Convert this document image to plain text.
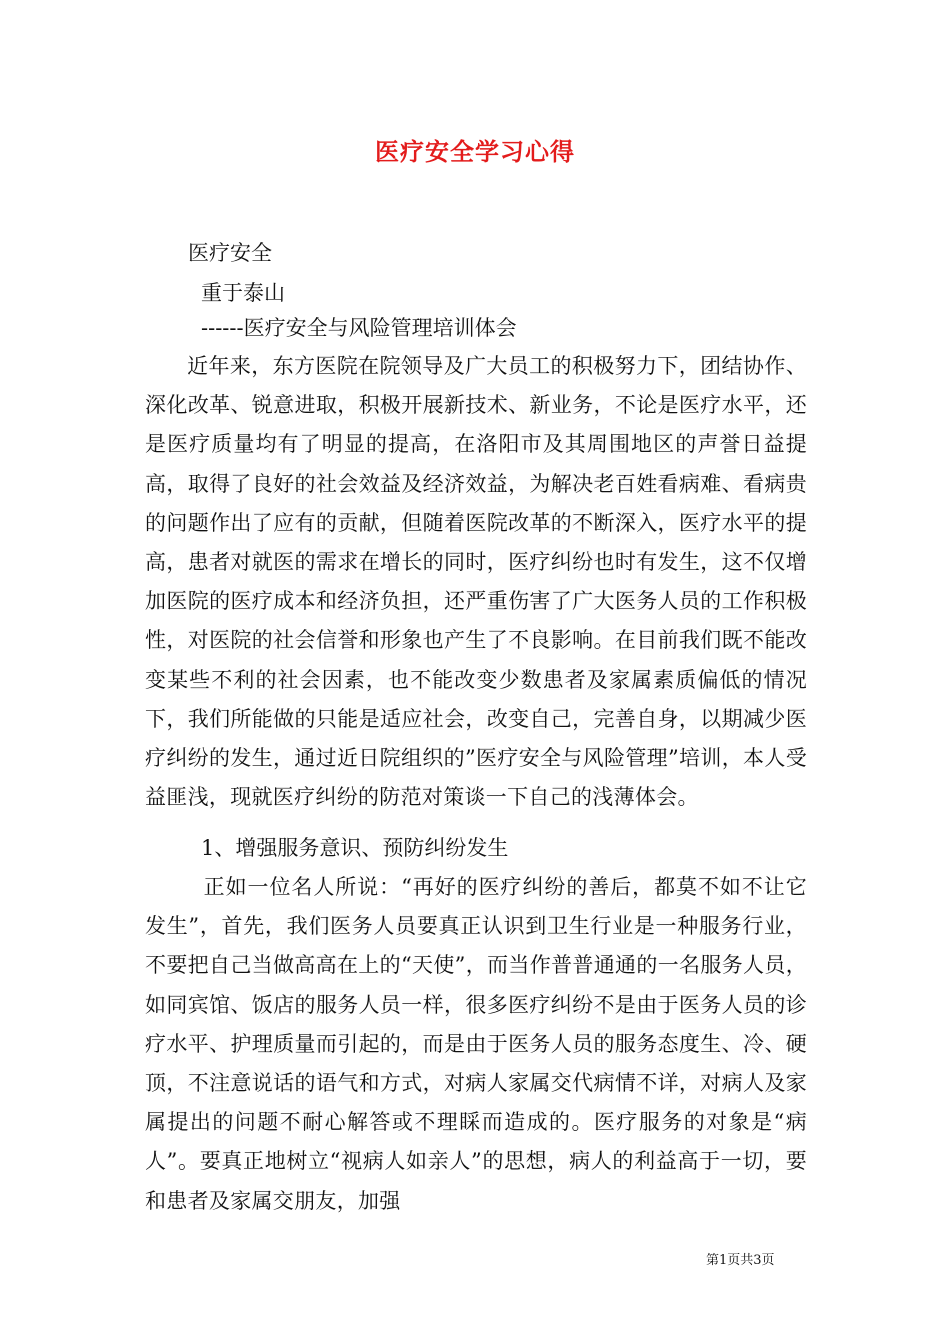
医疗安全学习心得
医疗安全
重于泰山
------医疗安全与风险管理培训体会
近年来，东方医院在院领导及广大员工的积极努力下，团结协作、深化改革、锐意进取，积极开展新技术、新业务，不论是医疗水平，还是医疗质量均有了明显的提高，在洛阳市及其周围地区的声誉日益提高，取得了良好的社会效益及经济效益，为解决老百姓看病难、看病贵的问题作出了应有的贡献，但随着医院改革的不断深入，医疗水平的提高，患者对就医的需求在增长的同时，医疗纠纷也时有发生，这不仅增加医院的医疗成本和经济负担，还严重伤害了广大医务人员的工作积极性，对医院的社会信誉和形象也产生了不良影响。在目前我们既不能改变某些不利的社会因素，也不能改变少数患者及家属素质偏低的情况下，我们所能做的只能是适应社会，改变自己，完善自身，以期减少医疗纠纷的发生，通过近日院组织的”医疗安全与风险管理”培训，本人受益匪浅，现就医疗纠纷的防范对策谈一下自己的浅薄体会。
1、增强服务意识、预防纠纷发生
正如一位名人所说：“再好的医疗纠纷的善后，都莫不如不让它发生”，首先，我们医务人员要真正认识到卫生行业是一种服务行业，不要把自己当做高高在上的“天使”，而当作普普通通的一名服务人员，如同宾馆、饭店的服务人员一样，很多医疗纠纷不是由于医务人员的诊疗水平、护理质量而引起的，而是由于医务人员的服务态度生、冷、硬顶，不注意说话的语气和方式，对病人家属交代病情不详，对病人及家属提出的问题不耐心解答或不理睬而造成的。医疗服务的对象是“病人”。要真正地树立“视病人如亲人”的思想，病人的利益高于一切，要和患者及家属交朋友，加强
第1页共3页
